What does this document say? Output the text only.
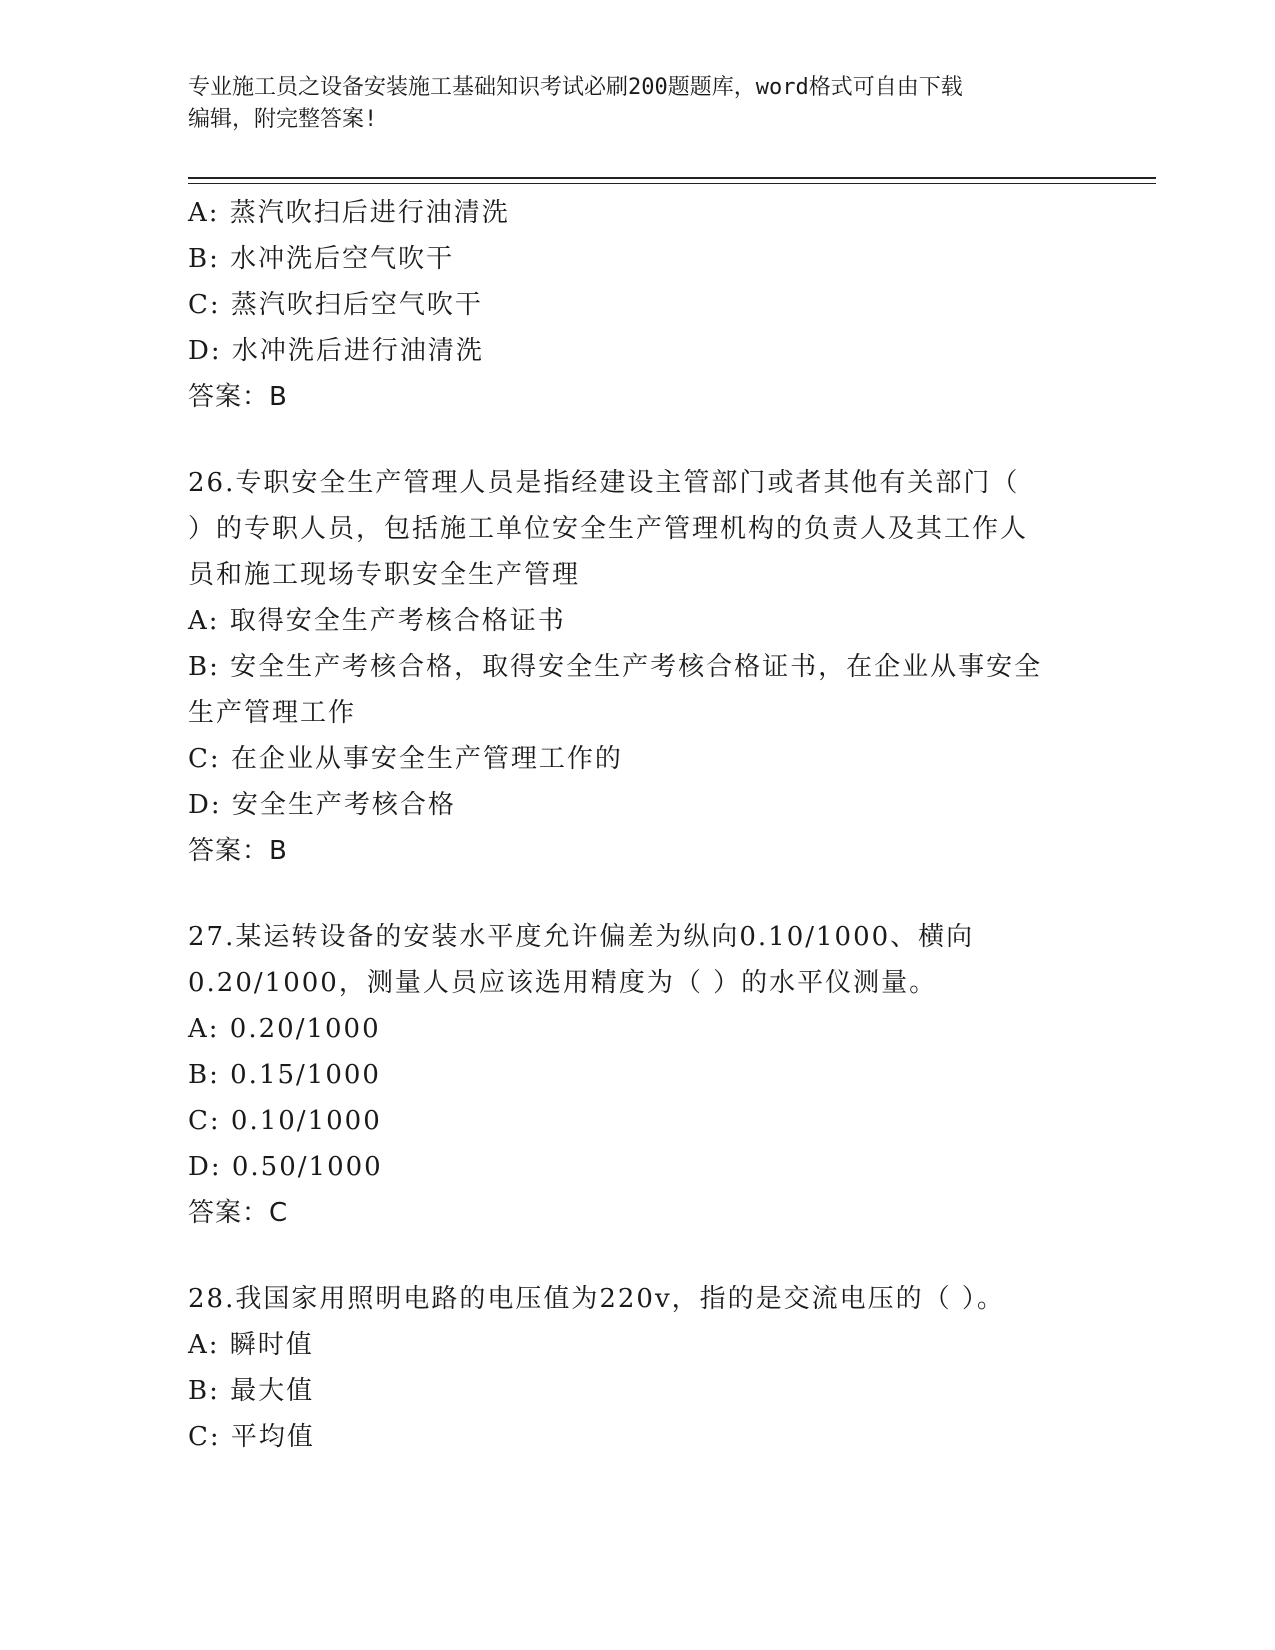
专业施工员之设备安装施工基础知识考试必刷200题题库，word格式可自由下载
编辑，附完整答案!
A: 蒸汽吹扫后进行油清洗
B: 水冲洗后空气吹干
C: 蒸汽吹扫后空气吹干
D: 水冲洗后进行油清洗
答案：B
26.专职安全生产管理人员是指经建设主管部门或者其他有关部门（
）的专职人员，包括施工单位安全生产管理机构的负责人及其工作人
员和施工现场专职安全生产管理
A: 取得安全生产考核合格证书
B: 安全生产考核合格，取得安全生产考核合格证书，在企业从事安全
生产管理工作
C: 在企业从事安全生产管理工作的
D: 安全生产考核合格
答案：B
27.某运转设备的安装水平度允许偏差为纵向0.10/1000、横向
0.20/1000，测量人员应该选用精度为（ ）的水平仪测量。
A: 0.20/1000
B: 0.15/1000
C: 0.10/1000
D: 0.50/1000
答案：C
28.我国家用照明电路的电压值为220v，指的是交流电压的（ ）。
A: 瞬时值
B: 最大值
C: 平均值
